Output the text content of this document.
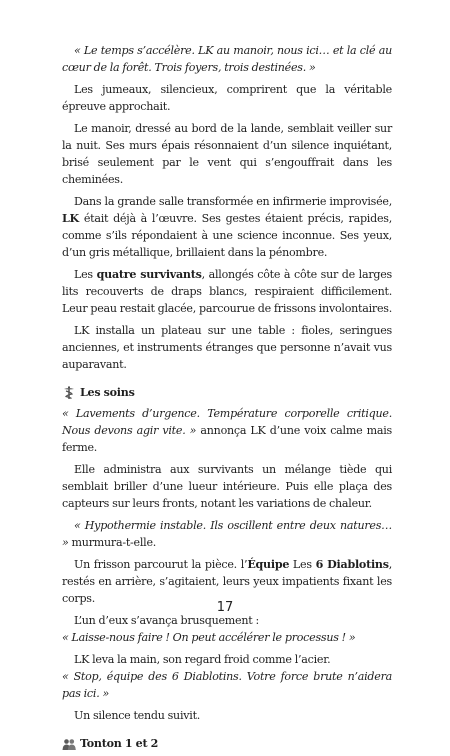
« Le temps s’accélère. LK au manoir, nous ici… et la clé au cœur de la forêt. Trois foyers, trois destinées. »

Les jumeaux, silencieux, comprirent que la véritable épreuve approchait.

Le manoir, dressé au bord de la lande, semblait veiller sur la nuit. Ses murs épais résonnaient d’un silence inquiétant, brisé seulement par le vent qui s’engouffrait dans les cheminées.

Dans la grande salle transformée en infirmerie improvisée, LK était déjà à l’œuvre. Ses gestes étaient précis, rapides, comme s’ils répondaient à une science inconnue. Ses yeux, d’un gris métallique, brillaient dans la pénombre.

Les quatre survivants, allongés côte à côte sur de larges lits recouverts de draps blancs, respiraient difficilement. Leur peau restait glacée, parcourue de frissons involontaires.

LK installa un plateau sur une table : fioles, seringues anciennes, et instruments étranges que personne n’avait vus auparavant.

Les soins

« Lavements d’urgence. Température corporelle critique. Nous devons agir vite. » annonça LK d’une voix calme mais ferme.

Elle administra aux survivants un mélange tiède qui semblait briller d’une lueur intérieure. Puis elle plaça des capteurs sur leurs fronts, notant les variations de chaleur.

« Hypothermie instable. Ils oscillent entre deux natures… » murmura-t-elle.

Un frisson parcourut la pièce. l’Équipe Les 6 Diablotins, restés en arrière, s’agitaient, leurs yeux impatients fixant les corps.

L’un d’eux s’avança brusquement :

« Laisse-nous faire ! On peut accélérer le processus ! »

LK leva la main, son regard froid comme l’acier.

« Stop, équipe des 6 Diablotins. Votre force brute n’aidera pas ici. »

Un silence tendu suivit.

Tonton 1 et 2
17
